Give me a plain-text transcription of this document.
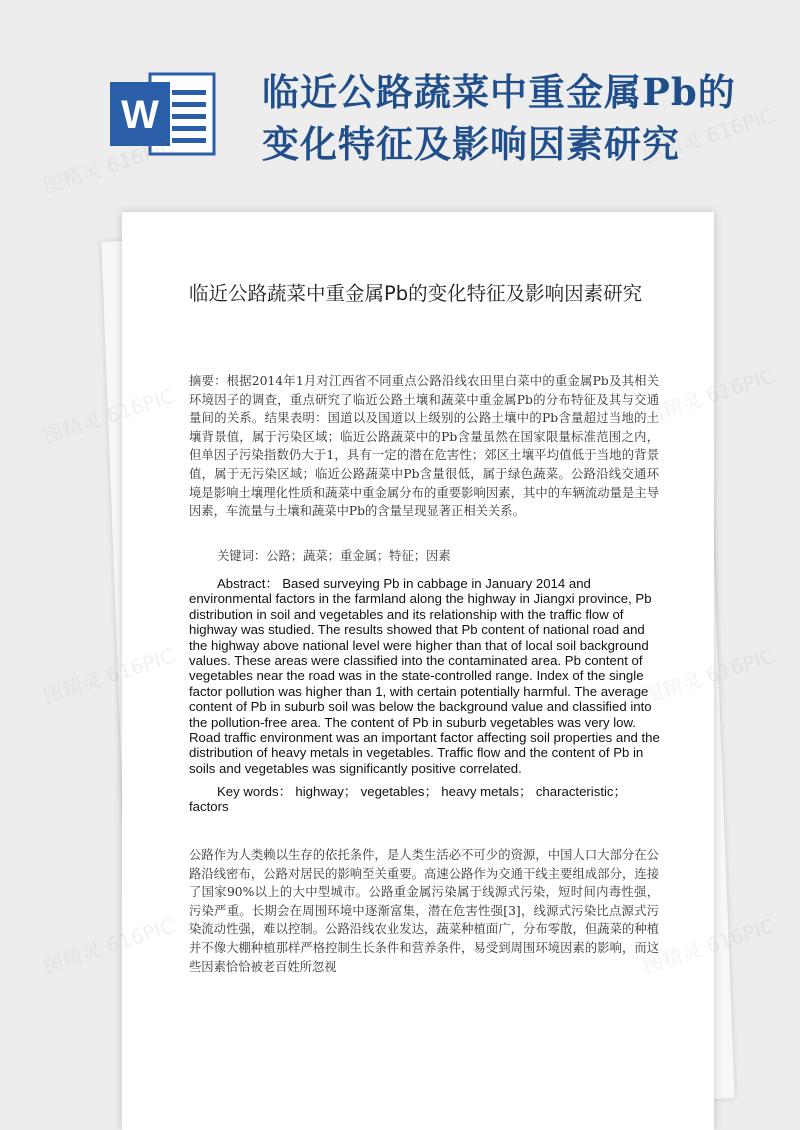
W
临近公路蔬菜中重金属Pb的
变化特征及影响因素研究
临近公路蔬菜中重金属Pb的变化特征及影响因素研究
摘要：根据2014年1月对江西省不同重点公路沿线农田里白菜中的重金属Pb及其相关环境因子的调查，重点研究了临近公路土壤和蔬菜中重金属Pb的分布特征及其与交通量间的关系。结果表明：国道以及国道以上级别的公路土壤中的Pb含量超过当地的土壤背景值，属于污染区域；临近公路蔬菜中的Pb含量虽然在国家限量标准范围之内，但单因子污染指数仍大于1，具有一定的潜在危害性；郊区土壤平均值低于当地的背景值，属于无污染区域；临近公路蔬菜中Pb含量很低，属于绿色蔬菜。公路沿线交通环境是影响土壤理化性质和蔬菜中重金属分布的重要影响因素，其中的车辆流动量是主导因素，车流量与土壤和蔬菜中Pb的含量呈现显著正相关关系。
关键词：公路；蔬菜；重金属；特征；因素
Abstract： Based surveying Pb in cabbage in January 2014 and environmental factors in the farmland along the highway in Jiangxi province, Pb distribution in soil and vegetables and its relationship with the traffic flow of highway was studied. The results showed that Pb content of national road and the highway above national level were higher than that of local soil background values. These areas were classified into the contaminated area. Pb content of vegetables near the road was in the state-controlled range. Index of the single factor pollution was higher than 1, with certain potentially harmful. The average content of Pb in suburb soil was below the background value and classified into the pollution-free area. The content of Pb in suburb vegetables was very low. Road traffic environment was an important factor affecting soil properties and the distribution of heavy metals in vegetables. Traffic flow and the content of Pb in soils and vegetables was significantly positive correlated.
Key words： highway； vegetables； heavy metals； characteristic； factors
公路作为人类赖以生存的依托条件，是人类生活必不可少的资源，中国人口大部分在公路沿线密布，公路对居民的影响至关重要。高速公路作为交通干线主要组成部分，连接了国家90%以上的大中型城市。公路重金属污染属于线源式污染，短时间内毒性强，污染严重。长期会在周围环境中逐渐富集，潜在危害性强[3]，线源式污染比点源式污染流动性强，难以控制。公路沿线农业发达，蔬菜种植面广，分布零散，但蔬菜的种植并不像大棚种植那样严格控制生长条件和营养条件，易受到周围环境因素的影响，而这些因素恰恰被老百姓所忽视
图精灵 616PIC	图精灵 616PIC
图精灵
616PIC
图精灵 616PIC	616PIC
图精灵 616PIC	616PIC
